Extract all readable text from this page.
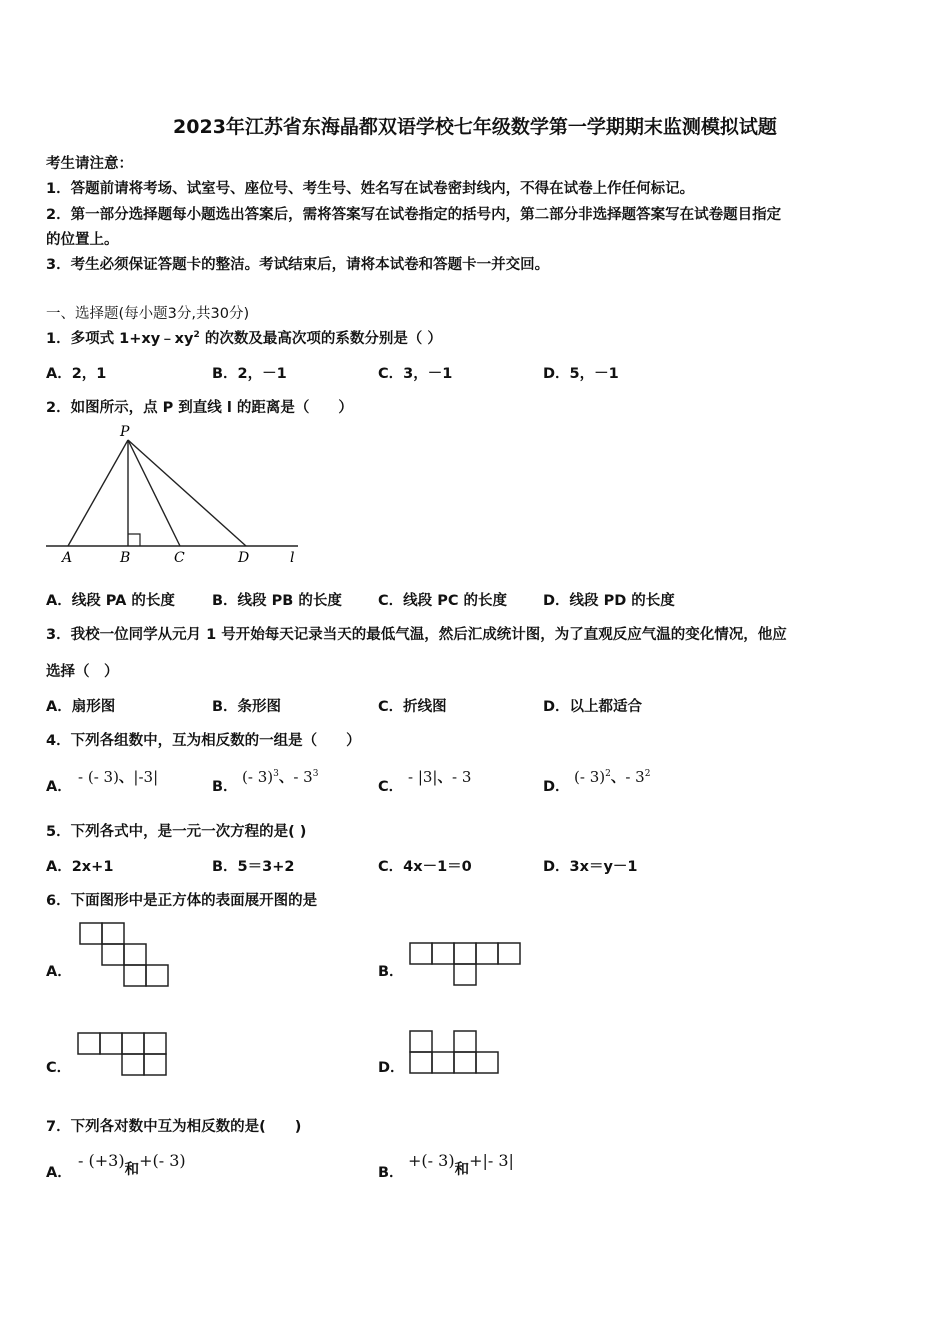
2023年江苏省东海晶都双语学校七年级数学第一学期期末监测模拟试题
考生请注意：
1．答题前请将考场、试室号、座位号、考生号、姓名写在试卷密封线内，不得在试卷上作任何标记。
2．第一部分选择题每小题选出答案后，需将答案写在试卷指定的括号内，第二部分非选择题答案写在试卷题目指定
的位置上。
3．考生必须保证答题卡的整洁。考试结束后，请将本试卷和答题卡一并交回。
一、选择题(每小题3分,共30分)
1．多项式 $1+xy﹣xy^2$ 的次数及最高次项的系数分别是（ ）
A．2，1	B．2，－1	C．3，－1	D．5，－1
2．如图所示，点 P 到直线 l 的距离是（　　）
P
A	B	C	D	l
A．线段 PA 的长度	B．线段 PB 的长度 C．线段 PC 的长度 D．线段 PD 的长度
3．我校一位同学从元月 1 号开始每天记录当天的最低气温，然后汇成统计图，为了直观反应气温的变化情况，他应
选择（　）
A．扇形图	B．条形图	C．折线图	D．以上都适合
4．下列各组数中，互为相反数的一组是（　　）
A．
- (- 3)、|-3|
B．
(- 3)$^3$、- $3^3$
C．
- |3|、- 3
D．
(- 3)$^2$、- $3^2$
5．下列各式中，是一元一次方程的是( )
A．2x+1	B．5＝3+2	C．4x－1＝0	D．3x＝y－1
6．下面图形中是正方体的表面展开图的是
A．	B．
C．	D．
7．下列各对数中互为相反数的是(　　)
A．
- (+3)和+(- 3)
B．
+(- 3)和+|- 3|
